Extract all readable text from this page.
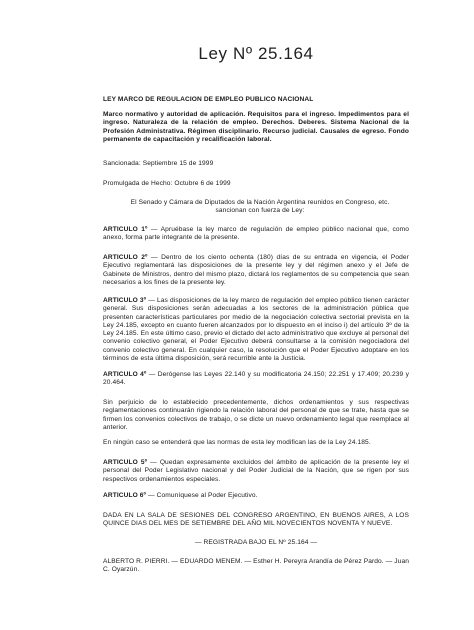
Ley Nº 25.164

LEY MARCO DE REGULACION DE EMPLEO PUBLICO NACIONAL

Marco normativo y autoridad de aplicación. Requisitos para el ingreso. Impedimentos para el ingreso. Naturaleza de la relación de empleo. Derechos. Deberes. Sistema Nacional de la Profesión Administrativa. Régimen disciplinario. Recurso judicial. Causales de egreso. Fondo permanente de capacitación y recalificación laboral.

Sancionada: Septiembre 15 de 1999

Promulgada de Hecho: Octubre 6 de 1999

El Senado y Cámara de Diputados de la Nación Argentina reunidos en Congreso, etc. sancionan con fuerza de Ley:

ARTICULO 1º — Apruébase la ley marco de regulación de empleo público nacional que, como anexo, forma parte integrante de la presente.

ARTICULO 2º — Dentro de los ciento ochenta (180) días de su entrada en vigencia, el Poder Ejecutivo reglamentará las disposiciones de la presente ley y del régimen anexo y el Jefe de Gabinete de Ministros, dentro del mismo plazo, dictará los reglamentos de su competencia que sean necesarios a los fines de la presente ley.

ARTICULO 3º — Las disposiciones de la ley marco de regulación del empleo público tienen carácter general. Sus disposiciones serán adecuadas a los sectores de la administración pública que presenten características particulares por medio de la negociación colectiva sectorial prevista en la Ley 24.185, excepto en cuanto fueren alcanzados por lo dispuesto en el inciso i) del artículo 3º de la Ley 24.185. En este último caso, previo el dictado del acto administrativo que excluye al personal del convenio colectivo general, el Poder Ejecutivo deberá consultarse a la comisión negociadora del convenio colectivo general. En cualquier caso, la resolución que el Poder Ejecutivo adoptare en los términos de esta última disposición, será recurrible ante la Justicia.

ARTICULO 4º — Derógense las Leyes 22.140 y su modificatoria 24.150; 22.251 y 17.409; 20.239 y 20.464.

Sin perjuicio de lo establecido precedentemente, dichos ordenamientos y sus respectivas reglamentaciones continuarán rigiendo la relación laboral del personal de que se trate, hasta que se firmen los convenios colectivos de trabajo, o se dicte un nuevo ordenamiento legal que reemplace al anterior.

En ningún caso se entenderá que las normas de esta ley modifican las de la Ley 24.185.

ARTICULO 5º — Quedan expresamente excluidos del ámbito de aplicación de la presente ley el personal del Poder Legislativo nacional y del Poder Judicial de la Nación, que se rigen por sus respectivos ordenamientos especiales.

ARTICULO 6º — Comuníquese al Poder Ejecutivo.

DADA EN LA SALA DE SESIONES DEL CONGRESO ARGENTINO, EN BUENOS AIRES, A LOS QUINCE DIAS DEL MES DE SETIEMBRE DEL AÑO MIL NOVECIENTOS NOVENTA Y NUEVE.

— REGISTRADA BAJO EL Nº 25.164 —

ALBERTO R. PIERRI. — EDUARDO MENEM. — Esther H. Pereyra Arandía de Pérez Pardo. — Juan C. Oyarzún.
